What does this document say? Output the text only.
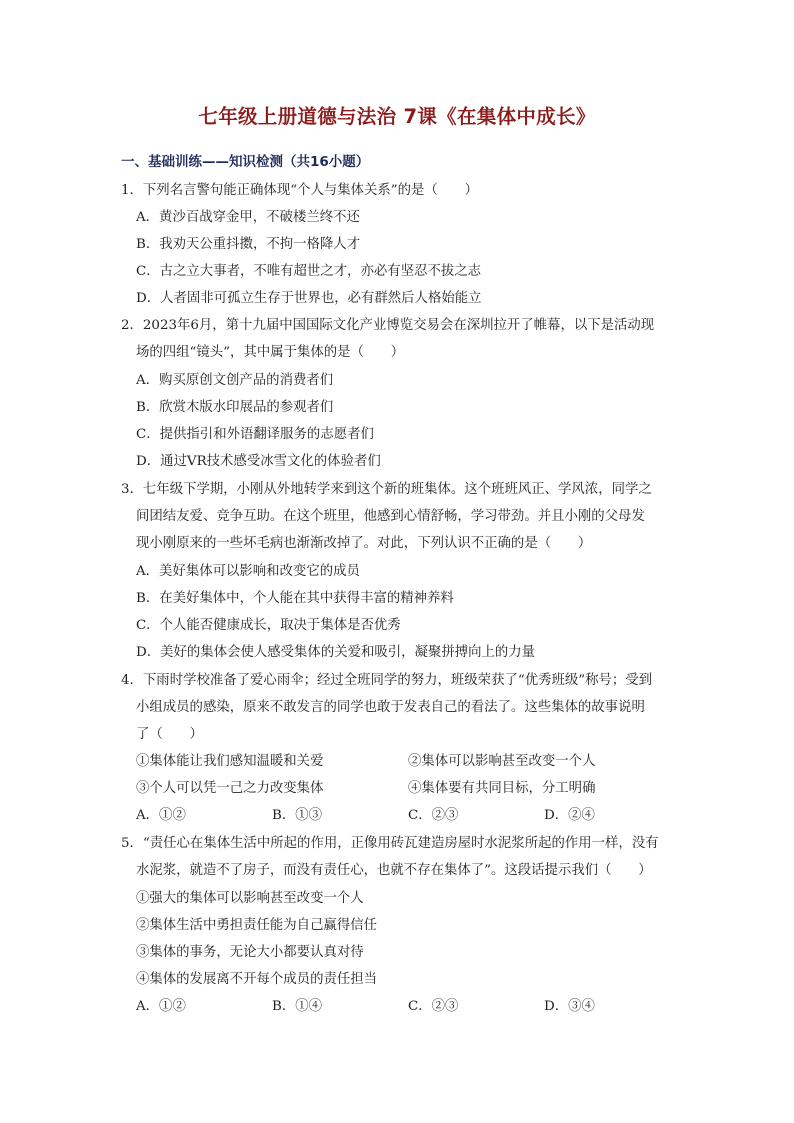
七年级上册道德与法治 7课《在集体中成长》
一、基础训练——知识检测（共16小题）
1．下列名言警句能正确体现“个人与集体关系”的是（　　）
A．黄沙百战穿金甲，不破楼兰终不还
B．我劝天公重抖擞，不拘一格降人才
C．古之立大事者，不唯有超世之才，亦必有坚忍不拔之志
D．人者固非可孤立生存于世界也，必有群然后人格始能立
2．2023年6月，第十九届中国国际文化产业博览交易会在深圳拉开了帷幕，以下是活动现
场的四组“镜头”，其中属于集体的是（　　）
A．购买原创文创产品的消费者们
B．欣赏木版水印展品的参观者们
C．提供指引和外语翻译服务的志愿者们
D．通过VR技术感受冰雪文化的体验者们
3．七年级下学期，小刚从外地转学来到这个新的班集体。这个班班风正、学风浓，同学之
间团结友爱、竞争互助。在这个班里，他感到心情舒畅，学习带劲。并且小刚的父母发
现小刚原来的一些坏毛病也渐渐改掉了。对此，下列认识不正确的是（　　）
A．美好集体可以影响和改变它的成员
B．在美好集体中，个人能在其中获得丰富的精神养料
C．个人能否健康成长，取决于集体是否优秀
D．美好的集体会使人感受集体的关爱和吸引，凝聚拼搏向上的力量
4．下雨时学校准备了爱心雨伞；经过全班同学的努力，班级荣获了“优秀班级”称号；受到
小组成员的感染，原来不敢发言的同学也敢于发表自己的看法了。这些集体的故事说明
了（　　）
①集体能让我们感知温暖和关爱	②集体可以影响甚至改变一个人
③个人可以凭一己之力改变集体	④集体要有共同目标，分工明确
A．①②	B．①③	C．②③	D．②④
5．“责任心在集体生活中所起的作用，正像用砖瓦建造房屋时水泥浆所起的作用一样，没有
水泥浆，就造不了房子，而没有责任心，也就不存在集体了”。这段话提示我们（　　）
①强大的集体可以影响甚至改变一个人
②集体生活中勇担责任能为自己赢得信任
③集体的事务，无论大小都要认真对待
④集体的发展离不开每个成员的责任担当
A．①②	B．①④	C．②③	D．③④
